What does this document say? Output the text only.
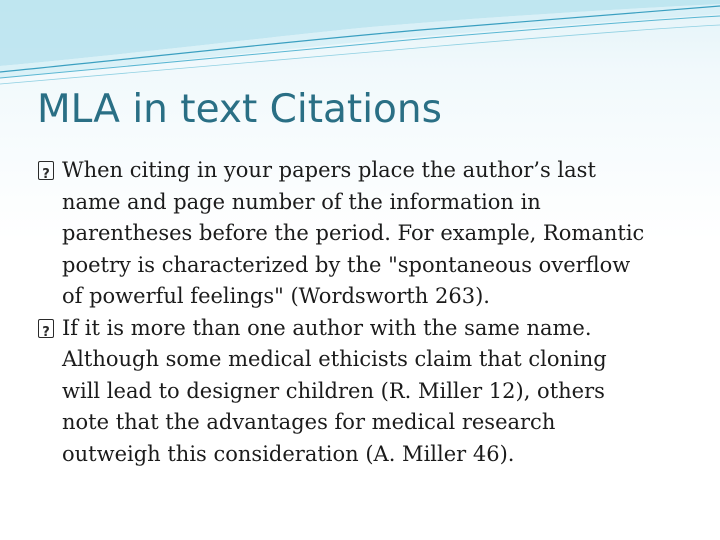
MLA in text Citations
?
When citing in your papers place the author’s last
name and page number of the information in
parentheses before the period. For example, Romantic
poetry is characterized by the "spontaneous overflow
of powerful feelings" (Wordsworth 263).
?
If it is more than one author with the same name.
Although some medical ethicists claim that cloning
will lead to designer children (R. Miller 12), others
note that the advantages for medical research
outweigh this consideration (A. Miller 46).
